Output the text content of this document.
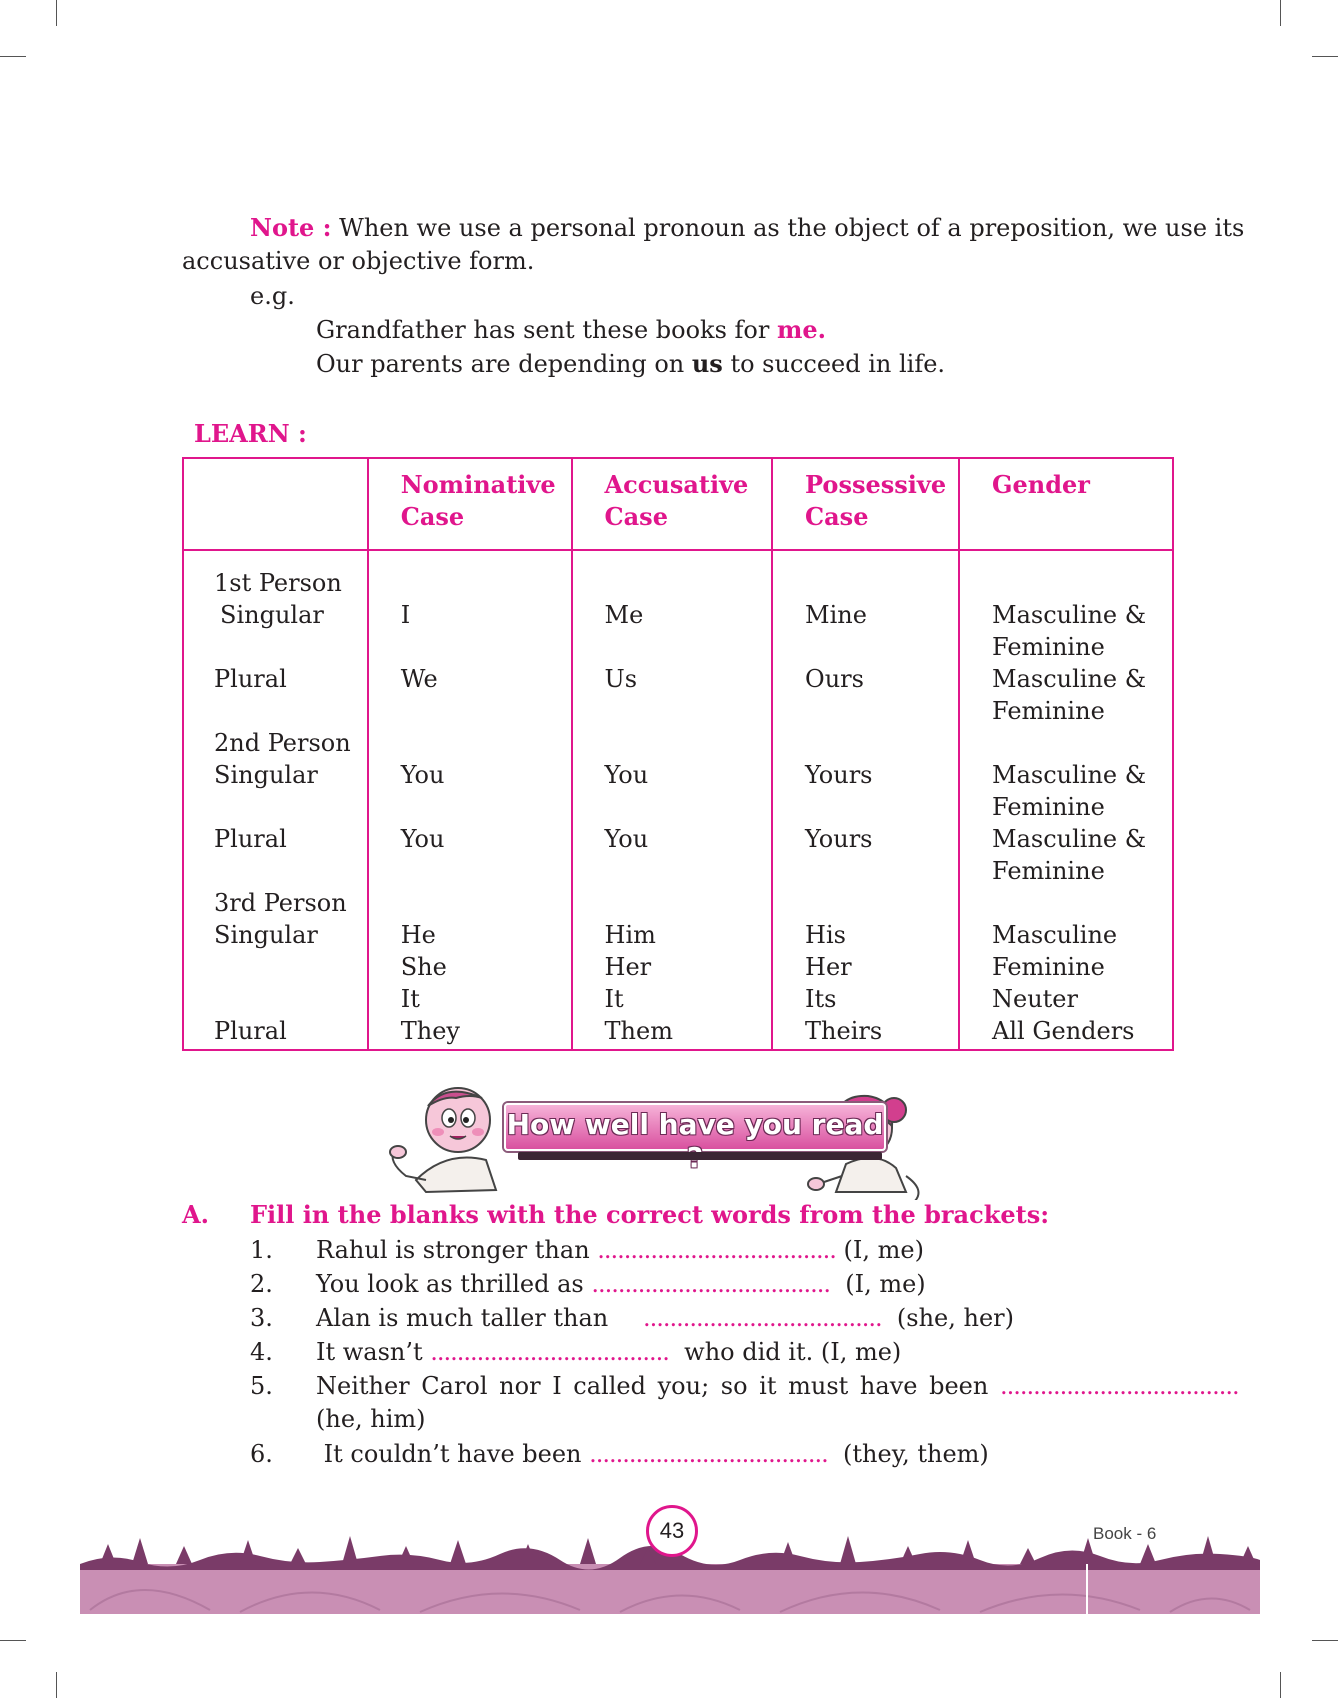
Note : When we use a personal pronoun as the object of a preposition, we use its
accusative or objective form.
e.g.
Grandfather has sent these books for me.
Our parents are depending on us to succeed in life.
LEARN :
	Nominative Case	Accusative Case	Possessive Case	Gender

1st Person
Singular	I	Me	Mine	Masculine & Feminine

Plural	We	Us	Ours	Masculine & Feminine

2nd Person
Singular	You	You	Yours	Masculine & Feminine

Plural	You	You	Yours	Masculine & Feminine

3rd Person
Singular	He	Him	His	Masculine

	She	Her	Her	Feminine
	It	It	Its	Neuter
Plural	They	Them	Theirs	All Genders
How well have you read
A. Fill in the blanks with the correct words from the brackets:
1. Rahul is stronger than .................................... (I, me)
2. You look as thrilled as ....................................  (I, me)
3. Alan is much taller than ....................................  (she, her)
4. It wasn’t ....................................  who did it. (I, me)
5. Neither Carol nor I called you; so it must have been ....................................
(he, him)
6. It couldn’t have been ....................................  (they, them)
43	Book - 6
